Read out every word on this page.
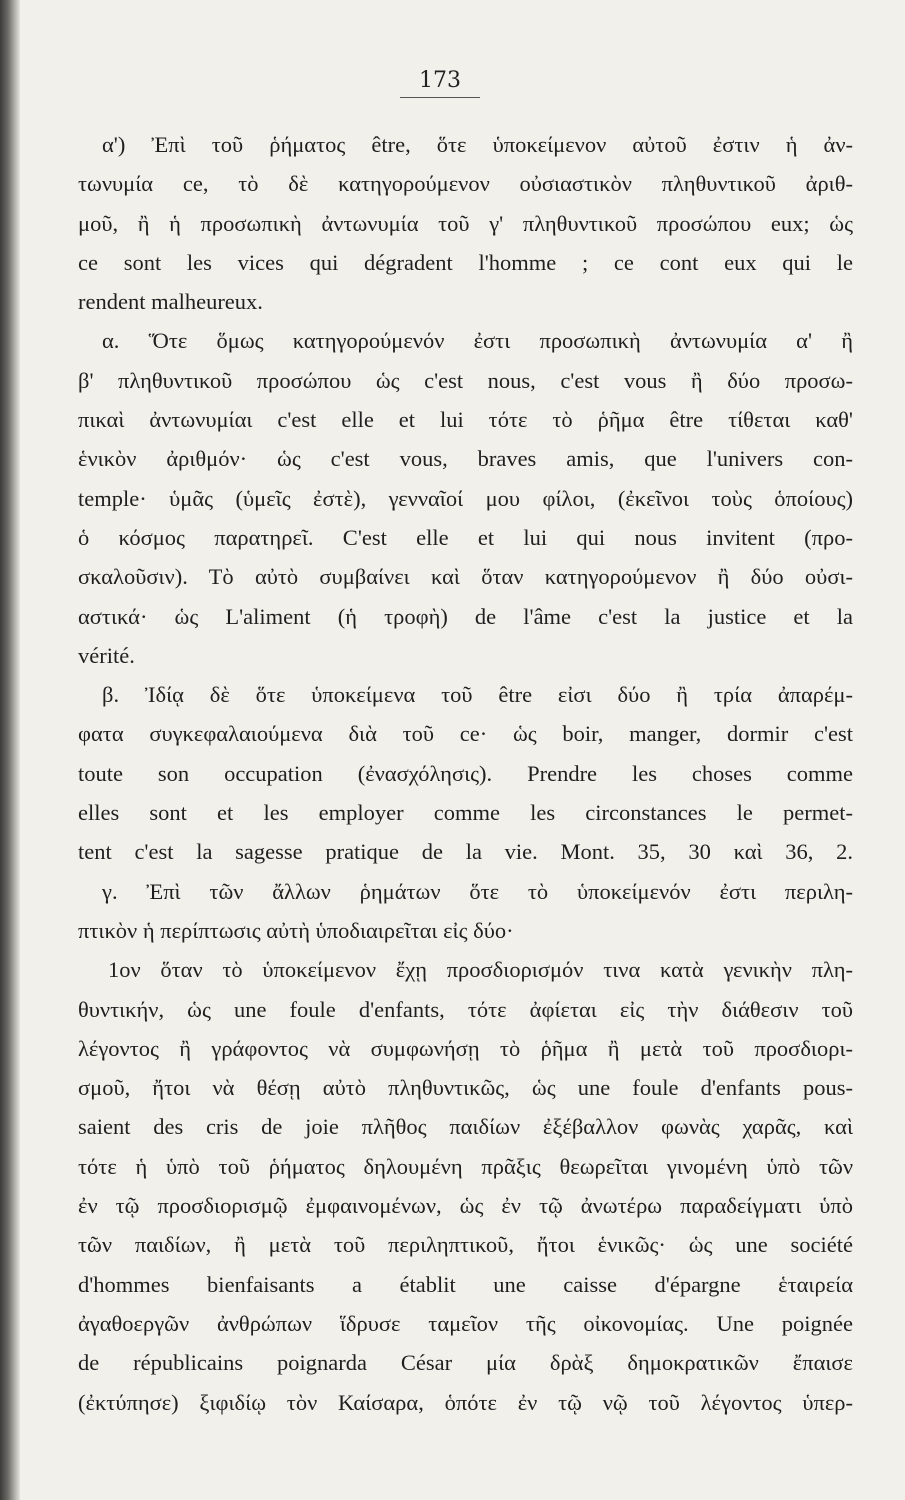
173
α') Ἐπὶ τοῦ ῥήματος être, ὅτε ὑποκείμενον αὐτοῦ ἐστιν ἡ ἀν-
τωνυμία ce, τὸ δὲ κατηγορούμενον οὐσιαστικὸν πληθυντικοῦ ἀριθ-
μοῦ, ἢ ἡ προσωπικὴ ἀντωνυμία τοῦ γ' πληθυντικοῦ προσώπου eux; ὡς
ce sont les vices qui dégradent l'homme ; ce cont eux qui le
rendent malheureux.
α. Ὅτε ὅμως κατηγορούμενόν ἐστι προσωπικὴ ἀντωνυμία α' ἢ
β' πληθυντικοῦ προσώπου ὡς c'est nous, c'est vous ἢ δύο προσω-
πικαὶ ἀντωνυμίαι c'est elle et lui τότε τὸ ῥῆμα être τίθεται καθ'
ἑνικὸν ἀριθμόν· ὡς c'est vous, braves amis, que l'univers con-
temple· ὑμᾶς (ὑμεῖς ἐστὲ), γενναῖοί μου φίλοι, (ἐκεῖνοι τοὺς ὁποίους)
ὁ κόσμος παρατηρεῖ. C'est elle et lui qui nous invitent (προ-
σκαλοῦσιν). Τὸ αὐτὸ συμβαίνει καὶ ὅταν κατηγορούμενον ἢ δύο οὐσι-
αστικά· ὡς L'aliment (ἡ τροφὴ) de l'âme c'est la justice et la
vérité.
β. Ἰδίᾳ δὲ ὅτε ὑποκείμενα τοῦ être εἰσι δύο ἢ τρία ἀπαρέμ-
φατα συγκεφαλαιούμενα διὰ τοῦ ce· ὡς boir, manger, dormir c'est
toute son occupation (ἐνασχόλησις). Prendre les choses comme
elles sont et les employer comme les circonstances le permet-
tent c'est la sagesse pratique de la vie. Mont. 35, 30 καὶ 36, 2.
γ. Ἐπὶ τῶν ἄλλων ῥημάτων ὅτε τὸ ὑποκείμενόν ἐστι περιλη-
πτικὸν ἡ περίπτωσις αὐτὴ ὑποδιαιρεῖται εἰς δύο·
1ον ὅταν τὸ ὑποκείμενον ἔχῃ προσδιορισμόν τινα κατὰ γενικὴν πλη-
θυντικήν, ὡς une foule d'enfants, τότε ἀφίεται εἰς τὴν διάθεσιν τοῦ
λέγοντος ἢ γράφοντος νὰ συμφωνήσῃ τὸ ῥῆμα ἢ μετὰ τοῦ προσδιορι-
σμοῦ, ἤτοι νὰ θέσῃ αὐτὸ πληθυντικῶς, ὡς une foule d'enfants pous-
saient des cris de joie πλῆθος παιδίων ἐξέβαλλον φωνὰς χαρᾶς, καὶ
τότε ἡ ὑπὸ τοῦ ῥήματος δηλουμένη πρᾶξις θεωρεῖται γινομένη ὑπὸ τῶν
ἐν τῷ προσδιορισμῷ ἐμφαινομένων, ὡς ἐν τῷ ἀνωτέρω παραδείγματι ὑπὸ
τῶν παιδίων, ἢ μετὰ τοῦ περιληπτικοῦ, ἤτοι ἑνικῶς· ὡς une société
d'hommes bienfaisants a établit une caisse d'épargne ἑταιρεία
ἀγαθοεργῶν ἀνθρώπων ἵδρυσε ταμεῖον τῆς οἰκονομίας. Une poignée
de républicains poignarda César μία δρὰξ δημοκρατικῶν ἔπαισε
(ἐκτύπησε) ξιφιδίῳ τὸν Καίσαρα, ὁπότε ἐν τῷ νῷ τοῦ λέγοντος ὑπερ-
